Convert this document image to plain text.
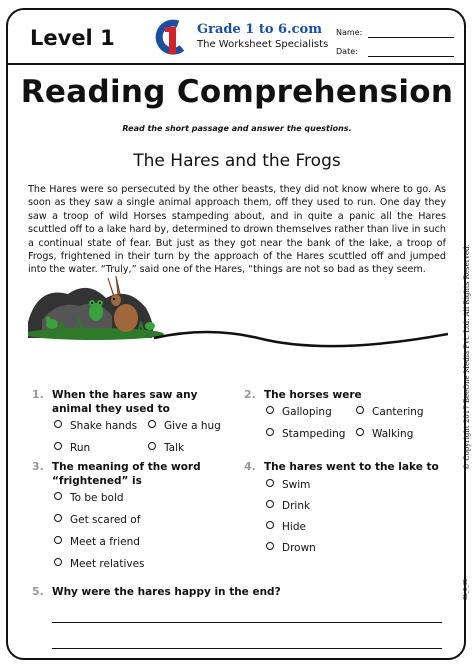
Level 1	Grade 1 to 6.com
The Worksheet Specialists
Name:
Date:
Reading Comprehension
Read the short passage and answer the questions.
The Hares and the Frogs
The Hares were so persecuted by the other beasts, they did not know where to go. As soon as they saw a single animal approach them, off they used to run. One day they saw a troop of wild Horses stampeding about, and in quite a panic all the Hares scuttled off to a lake hard by, determined to drown themselves rather than live in such a continual state of fear. But just as they got near the bank of the lake, a troop of Frogs, frightened in their turn by the approach of the Hares scuttled off and jumped into the water. “Truly,” said one of the Hares, “things are not so bad as they seem.	© Copyright 2017 BeeOne Media Pvt. Ltd. All Rights Reserved.
GL_E_35
1. When the hares saw any
animal they used to
Shake hands	Give a hug
Run	Talk
2. The horses were
Galloping	Cantering
Stampeding	Walking
3. The meaning of the word
“frightened” is
To be bold
Get scared of
Meet a friend
Meet relatives
4. The hares went to the lake to
Swim
Drink
Hide
Drown
5. Why were the hares happy in the end?
